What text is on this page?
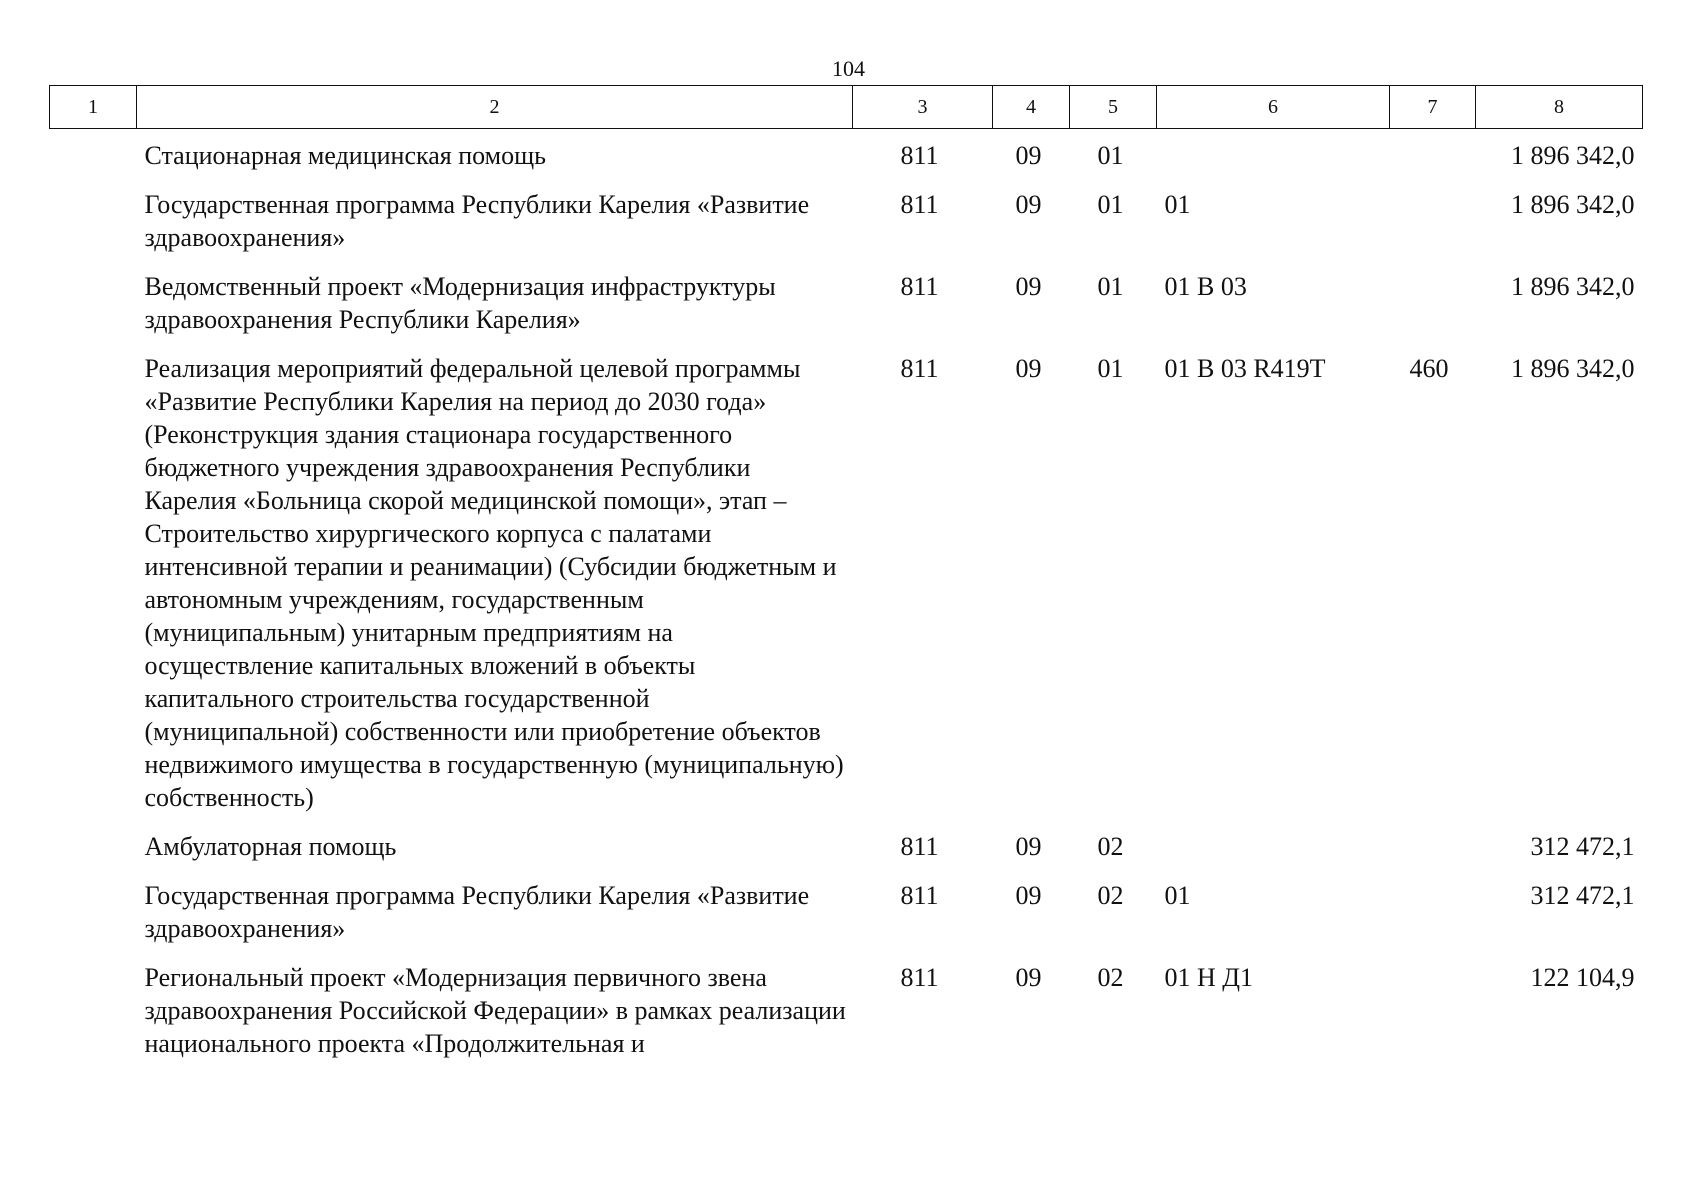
104
1	2	3	4	5	6	7	8
	Стационарная медицинская помощь	811	09	01			1 896 342,0
	Государственная программа Республики Карелия «Развитие здравоохранения»	811	09	01	01		1 896 342,0
	Ведомственный проект «Модернизация инфраструктуры здравоохранения Республики Карелия»	811	09	01	01 В 03		1 896 342,0
	Реализация мероприятий федеральной целевой программы «Развитие Республики Карелия на период до 2030 года» (Реконструкция здания стационара государственного бюджетного учреждения здравоохранения Республики Карелия «Больница скорой медицинской помощи», этап – Строительство хирургического корпуса с палатами интенсивной терапии и реанимации) (Субсидии бюджетным и автономным учреждениям, государственным (муниципальным) унитарным предприятиям на осуществление капитальных вложений в объекты капитального строительства государственной (муниципальной) собственности или приобретение объектов недвижимого имущества в государственную (муниципальную) собственность)	811	09	01	01 В 03 R419T	460	1 896 342,0
	Амбулаторная помощь	811	09	02			312 472,1
	Государственная программа Республики Карелия «Развитие здравоохранения»	811	09	02	01		312 472,1
	Региональный проект «Модернизация первичного звена здравоохранения Российской Федерации» в рамках реализации национального проекта «Продолжительная и	811	09	02	01 Н Д1		122 104,9
